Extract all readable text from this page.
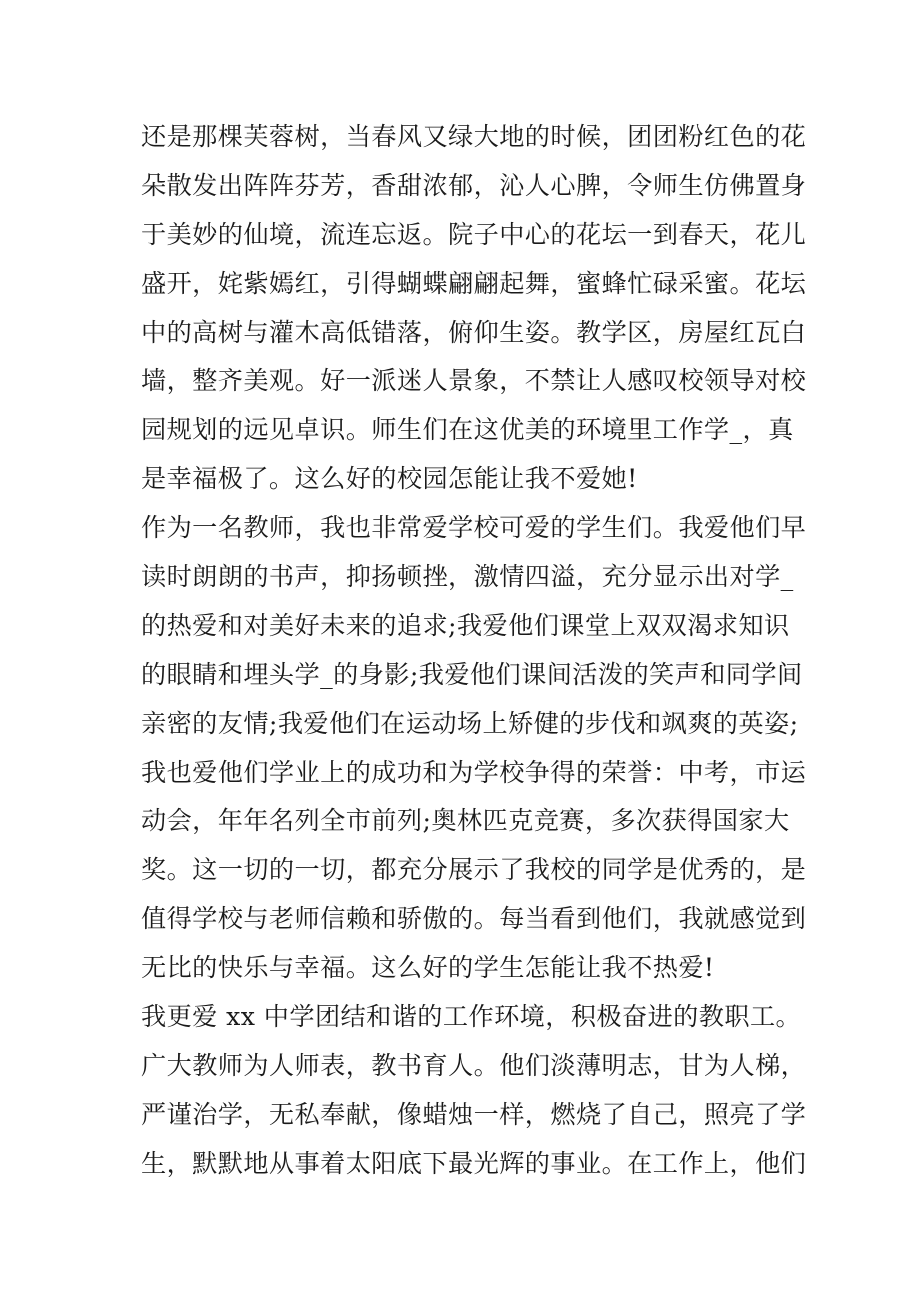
还是那棵芙蓉树，当春风又绿大地的时候，团团粉红色的花
朵散发出阵阵芬芳，香甜浓郁，沁人心脾，令师生仿佛置身
于美妙的仙境，流连忘返。院子中心的花坛一到春天，花儿
盛开，姹紫嫣红，引得蝴蝶翩翩起舞，蜜蜂忙碌采蜜。花坛
中的高树与灌木高低错落，俯仰生姿。教学区，房屋红瓦白
墙，整齐美观。好一派迷人景象，不禁让人感叹校领导对校
园规划的远见卓识。师生们在这优美的环境里工作学_，真
是幸福极了。这么好的校园怎能让我不爱她!
作为一名教师，我也非常爱学校可爱的学生们。我爱他们早
读时朗朗的书声，抑扬顿挫，激情四溢，充分显示出对学_
的热爱和对美好未来的追求;我爱他们课堂上双双渴求知识
的眼睛和埋头学_的身影;我爱他们课间活泼的笑声和同学间
亲密的友情;我爱他们在运动场上矫健的步伐和飒爽的英姿;
我也爱他们学业上的成功和为学校争得的荣誉：中考，市运
动会，年年名列全市前列;奥林匹克竞赛，多次获得国家大
奖。这一切的一切，都充分展示了我校的同学是优秀的，是
值得学校与老师信赖和骄傲的。每当看到他们，我就感觉到
无比的快乐与幸福。这么好的学生怎能让我不热爱!
我更爱 xx 中学团结和谐的工作环境，积极奋进的教职工。
广大教师为人师表，教书育人。他们淡薄明志，甘为人梯，
严谨治学，无私奉献，像蜡烛一样，燃烧了自己，照亮了学
生，默默地从事着太阳底下最光辉的事业。在工作上，他们
